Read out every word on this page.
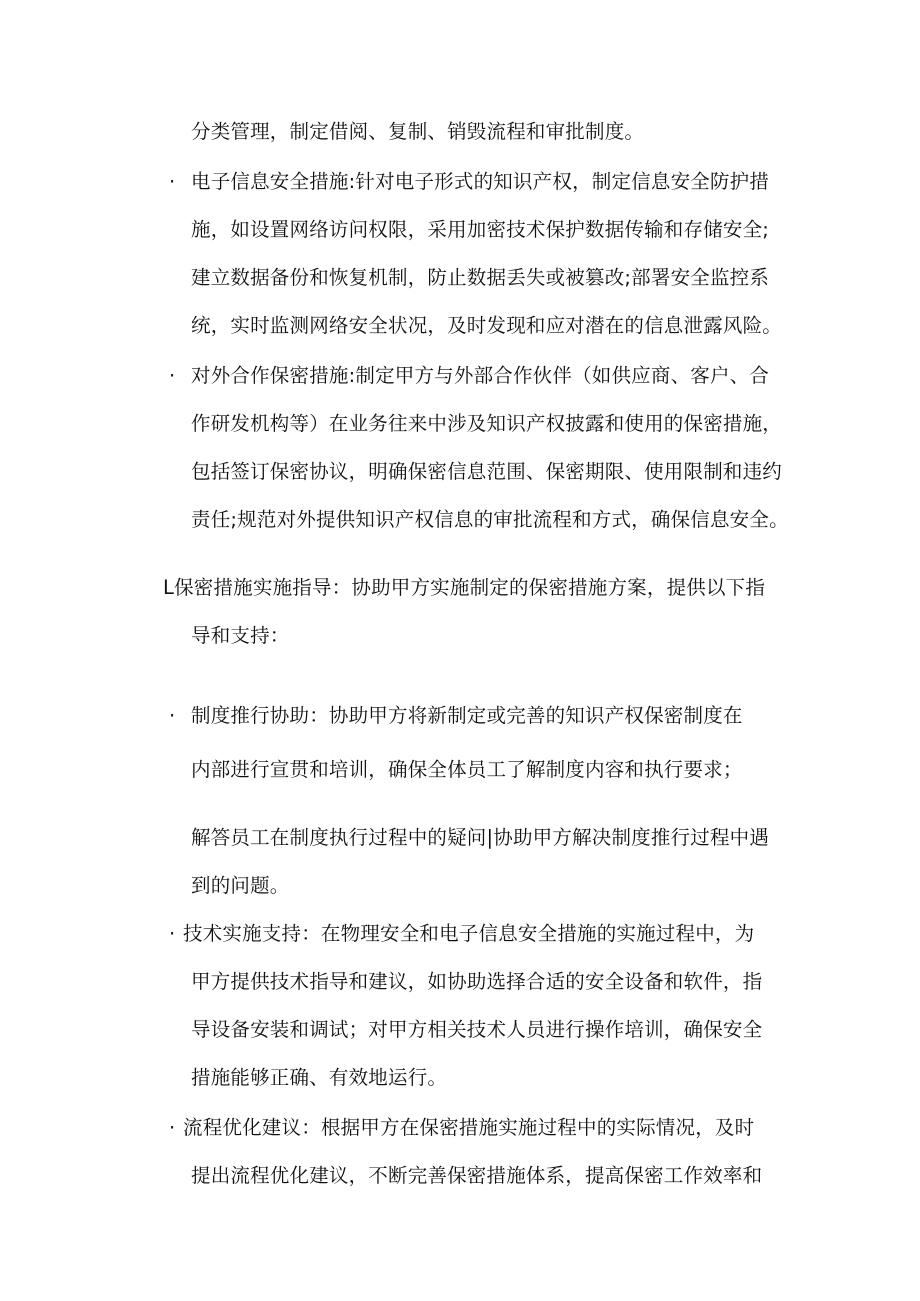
分类管理，制定借阅、复制、销毁流程和审批制度。
· 电子信息安全措施:针对电子形式的知识产权，制定信息安全防护措
施，如设置网络访问权限，采用加密技术保护数据传输和存储安全;
建立数据备份和恢复机制，防止数据丢失或被篡改;部署安全监控系
统，实时监测网络安全状况，及时发现和应对潜在的信息泄露风险。
· 对外合作保密措施:制定甲方与外部合作伙伴（如供应商、客户、合
作研发机构等）在业务往来中涉及知识产权披露和使用的保密措施，
包括签订保密协议，明确保密信息范围、保密期限、使用限制和违约
责任;规范对外提供知识产权信息的审批流程和方式，确保信息安全。
L保密措施实施指导：协助甲方实施制定的保密措施方案，提供以下指
导和支持：
· 制度推行协助：协助甲方将新制定或完善的知识产权保密制度在
内部进行宣贯和培训，确保全体员工了解制度内容和执行要求；
解答员工在制度执行过程中的疑问|协助甲方解决制度推行过程中遇
到的问题。
· 技术实施支持：在物理安全和电子信息安全措施的实施过程中，为
甲方提供技术指导和建议，如协助选择合适的安全设备和软件，指
导设备安装和调试；对甲方相关技术人员进行操作培训，确保安全
措施能够正确、有效地运行。
· 流程优化建议：根据甲方在保密措施实施过程中的实际情况，及时
提出流程优化建议，不断完善保密措施体系，提高保密工作效率和
